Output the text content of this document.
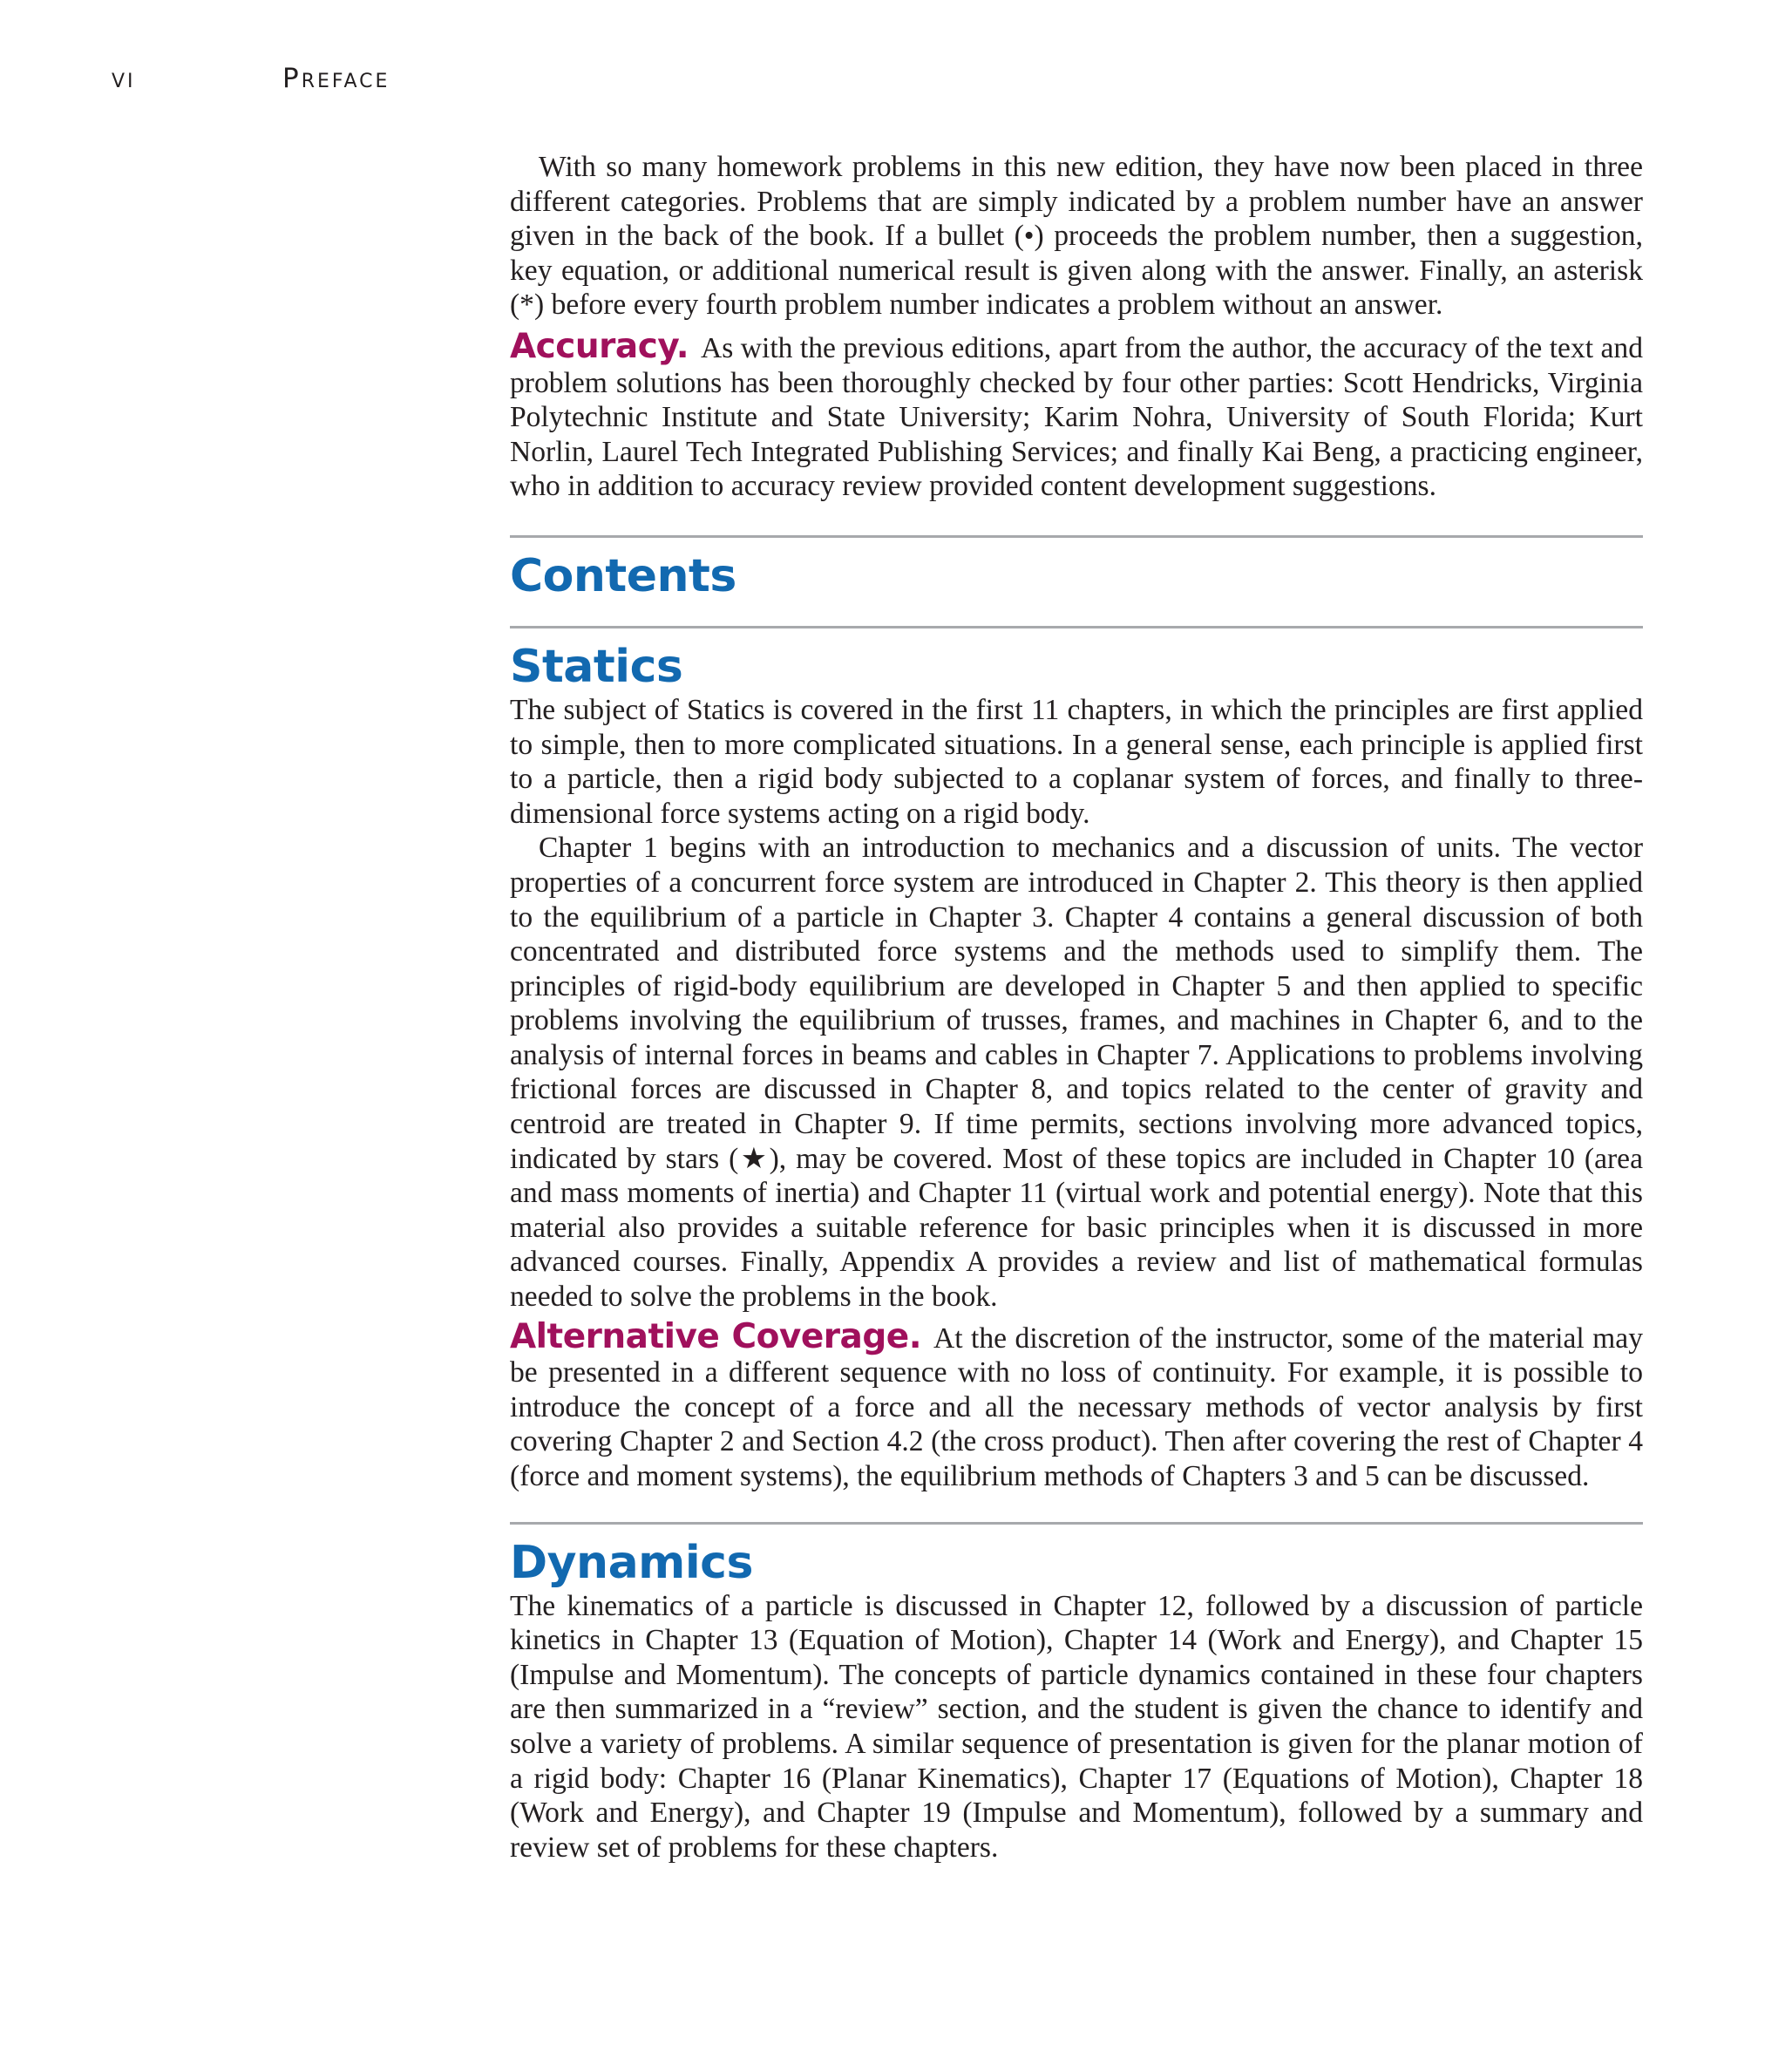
vi	Preface

With so many homework problems in this new edition, they have now been placed in three different categories. Problems that are simply indicated by a problem number have an answer given in the back of the book. If a bullet (•) proceeds the problem number, then a suggestion, key equation, or additional numerical result is given along with the answer. Finally, an asterisk (*) before every fourth problem number indicates a problem without an answer.

Accuracy. As with the previous editions, apart from the author, the accuracy of the text and problem solutions has been thoroughly checked by four other parties: Scott Hendricks, Virginia Polytechnic Institute and State University; Karim Nohra, University of South Florida; Kurt Norlin, Laurel Tech Integrated Publishing Services; and finally Kai Beng, a practicing engineer, who in addition to accuracy review provided content development suggestions.

Contents
Statics

The subject of Statics is covered in the first 11 chapters, in which the principles are first applied to simple, then to more complicated situations. In a general sense, each principle is applied first to a particle, then a rigid body subjected to a coplanar system of forces, and finally to three-dimensional force systems acting on a rigid body.

Chapter 1 begins with an introduction to mechanics and a discussion of units. The vector properties of a concurrent force system are introduced in Chapter 2. This theory is then applied to the equilibrium of a particle in Chapter 3. Chapter 4 contains a general discussion of both concentrated and distributed force systems and the methods used to simplify them. The principles of rigid-body equilibrium are developed in Chapter 5 and then applied to specific problems involving the equilibrium of trusses, frames, and machines in Chapter 6, and to the analysis of internal forces in beams and cables in Chapter 7. Applications to problems involving frictional forces are discussed in Chapter 8, and topics related to the center of gravity and centroid are treated in Chapter 9. If time permits, sections involving more advanced topics, indicated by stars (★), may be covered. Most of these topics are included in Chapter 10 (area and mass moments of inertia) and Chapter 11 (virtual work and potential energy). Note that this material also provides a suitable reference for basic principles when it is discussed in more advanced courses. Finally, Appendix A provides a review and list of mathematical formulas needed to solve the problems in the book.

Alternative Coverage. At the discretion of the instructor, some of the material may be presented in a different sequence with no loss of continuity. For example, it is possible to introduce the concept of a force and all the necessary methods of vector analysis by first covering Chapter 2 and Section 4.2 (the cross product). Then after covering the rest of Chapter 4 (force and moment systems), the equilibrium methods of Chapters 3 and 5 can be discussed.

Dynamics

The kinematics of a particle is discussed in Chapter 12, followed by a discussion of particle kinetics in Chapter 13 (Equation of Motion), Chapter 14 (Work and Energy), and Chapter 15 (Impulse and Momentum). The concepts of particle dynamics contained in these four chapters are then summarized in a “review” section, and the student is given the chance to identify and solve a variety of problems. A similar sequence of presentation is given for the planar motion of a rigid body: Chapter 16 (Planar Kinematics), Chapter 17 (Equations of Motion), Chapter 18 (Work and Energy), and Chapter 19 (Impulse and Momentum), followed by a summary and review set of problems for these chapters.
